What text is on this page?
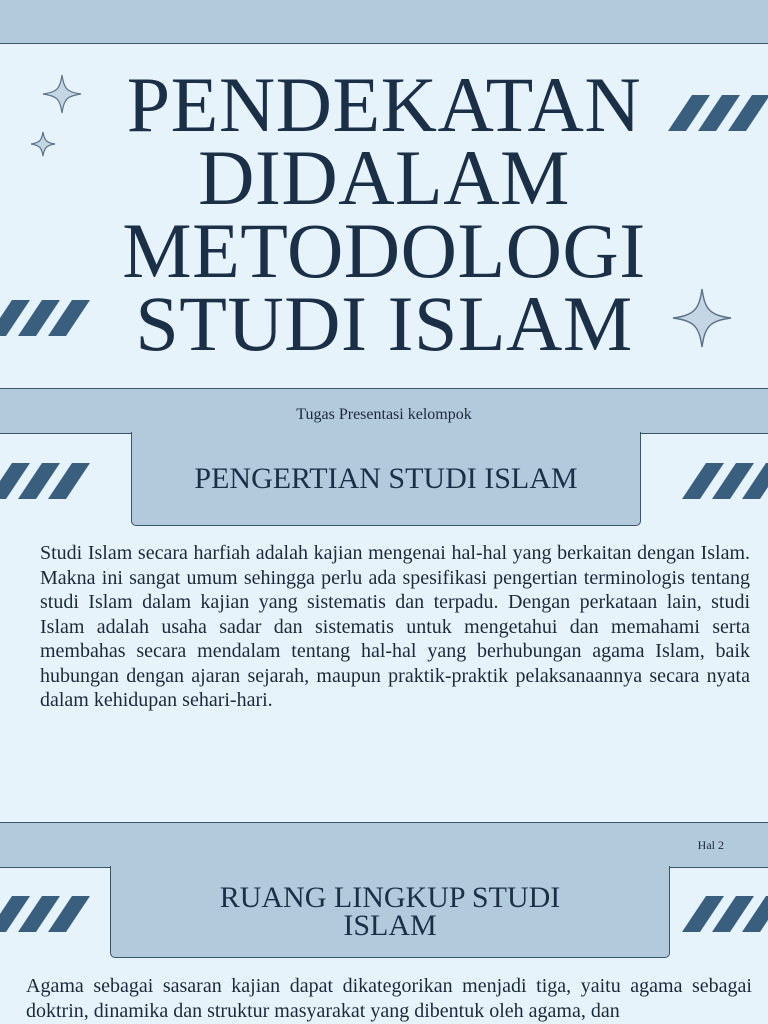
PENDEKATAN DIDALAM METODOLOGI STUDI ISLAM
Tugas Presentasi kelompok
PENGERTIAN STUDI ISLAM

Studi Islam secara harfiah adalah kajian mengenai hal-hal yang berkaitan dengan Islam. Makna ini sangat umum sehingga perlu ada spesifikasi pengertian terminologis tentang studi Islam dalam kajian yang sistematis dan terpadu. Dengan perkataan lain, studi Islam adalah usaha sadar dan sistematis untuk mengetahui dan memahami serta membahas secara mendalam tentang hal-hal yang berhubungan agama Islam, baik hubungan dengan ajaran sejarah, maupun praktik-praktik pelaksanaannya secara nyata dalam kehidupan sehari-hari.

Hal 2
RUANG LINGKUP STUDI ISLAM

Agama sebagai sasaran kajian dapat dikategorikan menjadi tiga, yaitu agama sebagai doktrin, dinamika dan struktur masyarakat yang dibentuk oleh agama, dan
